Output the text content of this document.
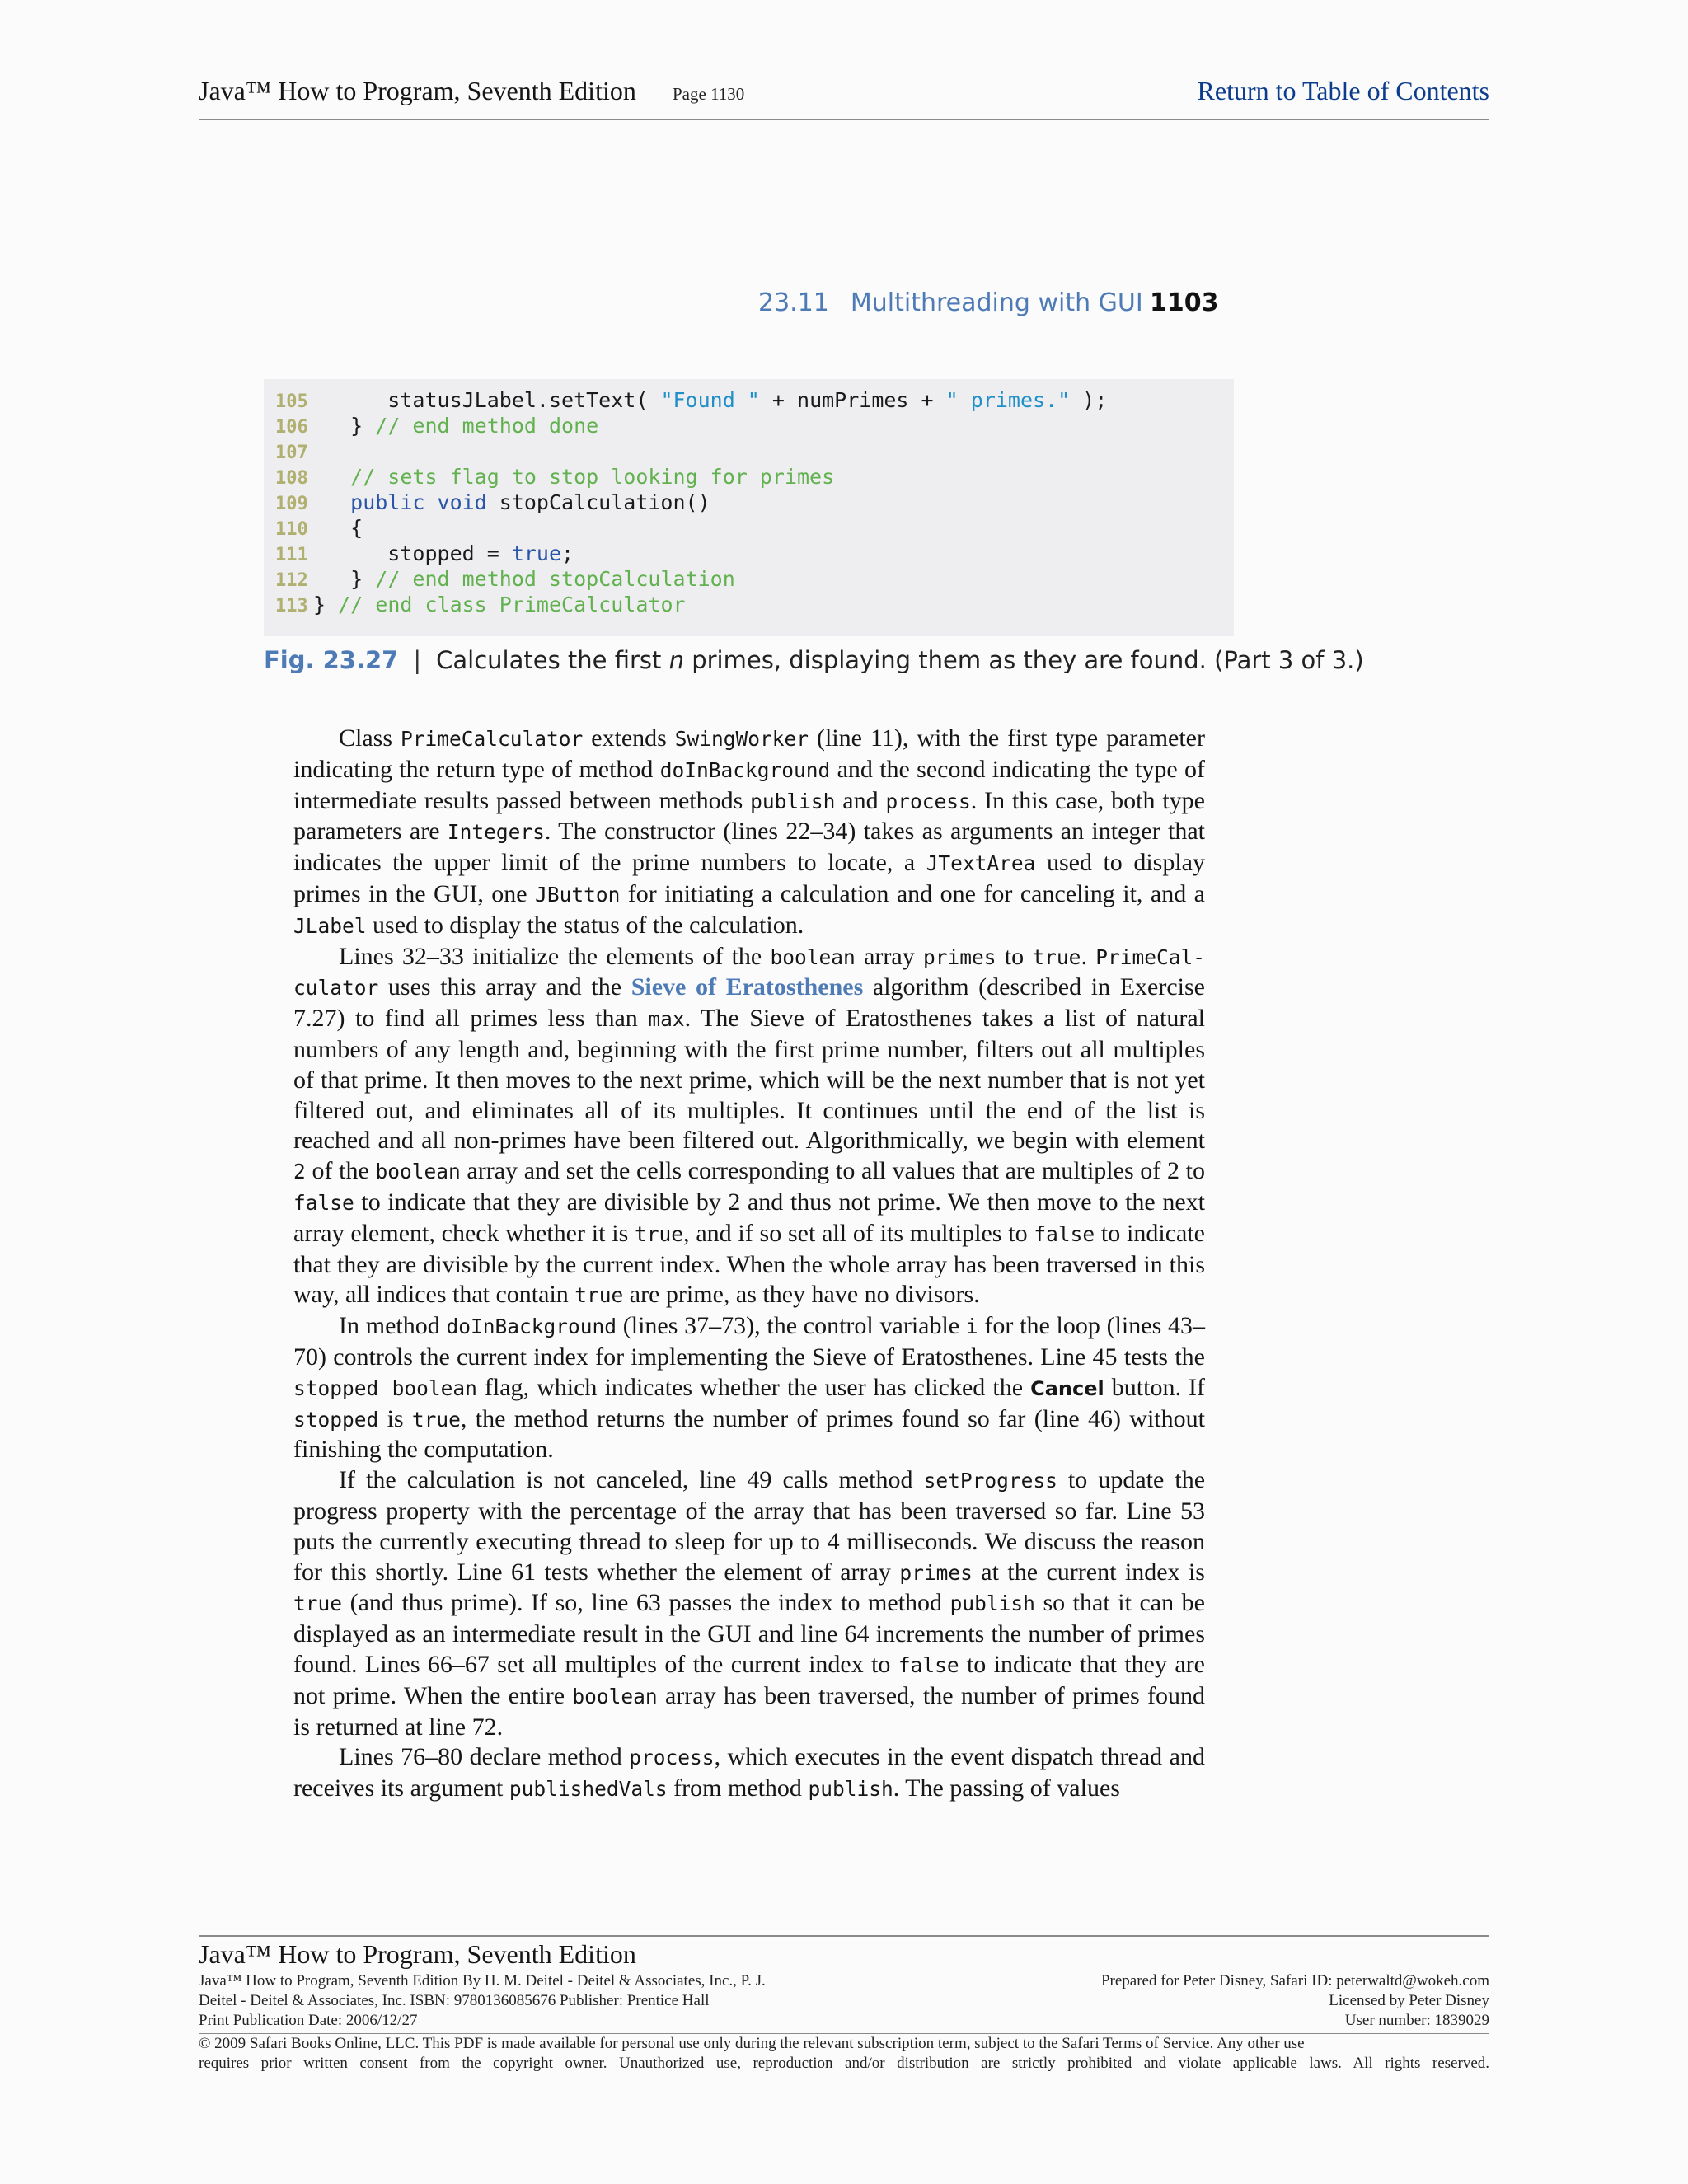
Java™ How to Program, Seventh Edition Page 1130	Return to Table of Contents
23.11 Multithreading with GUI 1103
105      statusJLabel.setText( "Found " + numPrimes + " primes." );
106   } // end method done
107
108   // sets flag to stop looking for primes
109   public void stopCalculation()
110   {
111      stopped = true;
112   } // end method stopCalculation
113 } // end class PrimeCalculator
Fig. 23.27 | Calculates the first n primes, displaying them as they are found. (Part 3 of 3.)

Class PrimeCalculator extends SwingWorker (line 11), with the first type parameter indicating the return type of method doInBackground and the second indicating the type of intermediate results passed between methods publish and process. In this case, both type parameters are Integers. The constructor (lines 22–34) takes as arguments an integer that indicates the upper limit of the prime numbers to locate, a JTextArea used to display primes in the GUI, one JButton for initiating a calculation and one for canceling it, and a JLabel used to display the status of the calculation.

Lines 32–33 initialize the elements of the boolean array primes to true. PrimeCal-culator uses this array and the Sieve of Eratosthenes algorithm (described in Exercise 7.27) to find all primes less than max. The Sieve of Eratosthenes takes a list of natural numbers of any length and, beginning with the first prime number, filters out all multiples of that prime. It then moves to the next prime, which will be the next number that is not yet filtered out, and eliminates all of its multiples. It continues until the end of the list is reached and all non-primes have been filtered out. Algorithmically, we begin with element 2 of the boolean array and set the cells corresponding to all values that are multiples of 2 to false to indicate that they are divisible by 2 and thus not prime. We then move to the next array element, check whether it is true, and if so set all of its multiples to false to indicate that they are divisible by the current index. When the whole array has been traversed in this way, all indices that contain true are prime, as they have no divisors.

In method doInBackground (lines 37–73), the control variable i for the loop (lines 43–70) controls the current index for implementing the Sieve of Eratosthenes. Line 45 tests the stopped boolean flag, which indicates whether the user has clicked the Cancel button. If stopped is true, the method returns the number of primes found so far (line 46) without finishing the computation.

If the calculation is not canceled, line 49 calls method setProgress to update the progress property with the percentage of the array that has been traversed so far. Line 53 puts the currently executing thread to sleep for up to 4 milliseconds. We discuss the reason for this shortly. Line 61 tests whether the element of array primes at the current index is true (and thus prime). If so, line 63 passes the index to method publish so that it can be displayed as an intermediate result in the GUI and line 64 increments the number of primes found. Lines 66–67 set all multiples of the current index to false to indicate that they are not prime. When the entire boolean array has been traversed, the number of primes found is returned at line 72.

Lines 76–80 declare method process, which executes in the event dispatch thread and receives its argument publishedVals from method publish. The passing of values

Java™ How to Program, Seventh Edition
Java™ How to Program, Seventh Edition By H. M. Deitel - Deitel & Associates, Inc., P. J.	Prepared for Peter Disney, Safari ID: peterwaltd@wokeh.com
Deitel - Deitel & Associates, Inc. ISBN: 9780136085676 Publisher: Prentice Hall	Licensed by Peter Disney
Print Publication Date: 2006/12/27	User number: 1839029

© 2009 Safari Books Online, LLC. This PDF is made available for personal use only during the relevant subscription term, subject to the Safari Terms of Service. Any other use

requires prior written consent from the copyright owner. Unauthorized use, reproduction and/or distribution are strictly prohibited and violate applicable laws. All rights reserved.
